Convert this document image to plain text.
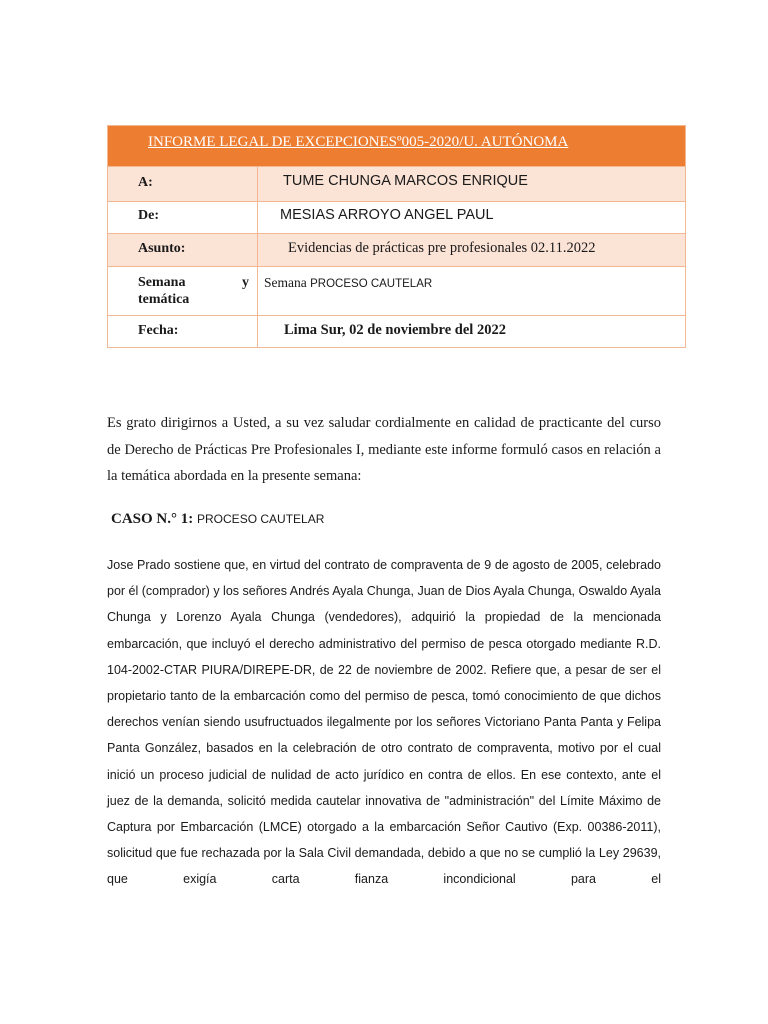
INFORME LEGAL DE EXCEPCIONESº005-2020/U. AUTÓNOMA	

A:	TUME CHUNGA MARCOS ENRIQUE

De:	MESIAS ARROYO ANGEL PAUL

Asunto:	Evidencias de prácticas pre profesionales 02.11.2022

Semana y
temática	Semana PROCESO CAUTELAR

Fecha:	Lima Sur, 02 de noviembre del 2022

Es grato dirigirnos a Usted, a su vez saludar cordialmente en calidad de practicante del curso de Derecho de Prácticas Pre Profesionales I, mediante este informe formuló casos en relación a la temática abordada en la presente semana:

CASO N.° 1: PROCESO CAUTELAR

Jose Prado sostiene que, en virtud del contrato de compraventa de 9 de agosto de 2005, celebrado por él (comprador) y los señores Andrés Ayala Chunga, Juan de Dios Ayala Chunga, Oswaldo Ayala Chunga y Lorenzo Ayala Chunga (vendedores), adquirió la propiedad de la mencionada embarcación, que incluyó el derecho administrativo del permiso de pesca otorgado mediante R.D. 104-2002-CTAR PIURA/DIREPE-DR, de 22 de noviembre de 2002. Refiere que, a pesar de ser el propietario tanto de la embarcación como del permiso de pesca, tomó conocimiento de que dichos derechos venían siendo usufructuados ilegalmente por los señores Victoriano Panta Panta y Felipa Panta González, basados en la celebración de otro contrato de compraventa, motivo por el cual inició un proceso judicial de nulidad de acto jurídico en contra de ellos. En ese contexto, ante el juez de la demanda, solicitó medida cautelar innovativa de "administración" del Límite Máximo de Captura por Embarcación (LMCE) otorgado a la embarcación Señor Cautivo (Exp. 00386-2011), solicitud que fue rechazada por la Sala Civil demandada, debido a que no se cumplió la Ley 29639, que exigía carta fianza incondicional para el
